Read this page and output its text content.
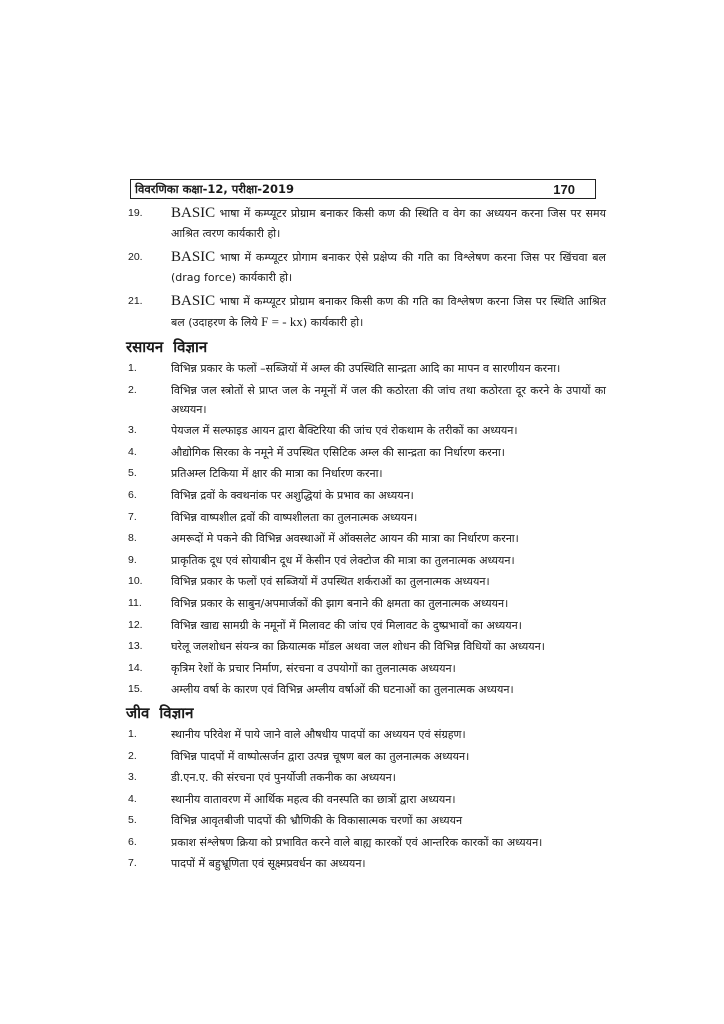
विवरणिका कक्षा-12, परीक्षा-2019	170
19.	BASIC भाषा में कम्प्यूटर प्रोग्राम बनाकर किसी कण की स्थिति व वेग का अध्ययन करना जिस पर समय आश्रित त्वरण कार्यकारी हो।
20.	BASIC भाषा में कम्प्यूटर प्रोगाम बनाकर ऐसे प्रक्षेप्य की गति का विश्लेषण करना जिस पर खिंचवा बल (drag force) कार्यकारी हो।
21.	BASIC भाषा में कम्प्यूटर प्रोग्राम बनाकर किसी कण की गति का विश्लेषण करना जिस पर स्थिति आश्रित बल (उदाहरण के लिये F = - kx) कार्यकारी हो।
रसायन विज्ञान
1.	विभिन्न प्रकार के फलों –सब्जियों में अम्ल की उपस्थिति सान्द्रता आदि का मापन व सारणीयन करना।
2.	विभिन्न जल स्त्रोतों से प्राप्त जल के नमूनों में जल की कठोरता की जांच तथा कठोरता दूर करने के उपायों का अध्ययन।
3.	पेयजल में सल्फाइड आयन द्वारा बैक्टिरिया की जांच एवं रोकथाम के तरीकों का अध्ययन।
4.	औद्योगिक सिरका के नमूने में उपस्थित एसिटिक अम्ल की सान्द्रता का निर्धारण करना।
5.	प्रतिअम्ल टिकिया में क्षार की मात्रा का निर्धारण करना।
6.	विभिन्न द्रवों के क्वथनांक पर अशुद्धियां के प्रभाव का अध्ययन।
7.	विभिन्न वाष्पशील द्रवों की वाष्पशीलता का तुलनात्मक अध्ययन।
8.	अमरूदों मे पकने की विभिन्न अवस्थाओं में ऑक्सलेट आयन की मात्रा का निर्धारण करना।
9.	प्राकृतिक दूध एवं सोयाबीन दूध में केसीन एवं लेक्टोज की मात्रा का तुलनात्मक अध्ययन।
10.	विभिन्न प्रकार के फलों एवं सब्जियों में उपस्थित शर्कराओं का तुलनात्मक अध्ययन।
11.	विभिन्न प्रकार के साबुन/अपमार्जकों की झाग बनाने की क्षमता का तुलनात्मक अध्ययन।
12.	विभिन्न खाद्य सामग्री के नमूनों में मिलावट की जांच एवं मिलावट के दुष्प्रभावों का अध्ययन।
13.	घरेलू जलशोधन संयन्त्र का क्रियात्मक मॉडल अथवा जल शोधन की विभिन्न विधियों का अध्ययन।
14.	कृत्रिम रेशों के प्रचार निर्माण, संरचना व उपयोगों का तुलनात्मक अध्ययन।
15.	अम्लीय वर्षा के कारण एवं विभिन्न अम्लीय वर्षाओं की घटनाओं का तुलनात्मक अध्ययन।
जीव विज्ञान
1.	स्थानीय परिवेश में पाये जाने वाले औषधीय पादपों का अध्ययन एवं संग्रहण।
2.	विभिन्न पादपों में वाष्पोत्सर्जन द्वारा उत्पन्न चूषण बल का तुलनात्मक अध्ययन।
3.	डी.एन.ए. की संरचना एवं पुनर्योजी तकनीक का अध्ययन।
4.	स्थानीय वातावरण में आर्थिक महत्व की वनस्पति का छात्रों द्वारा अध्ययन।
5.	विभिन्न आवृतबीजी पादपों की भ्रौणिकी के विकासात्मक चरणों का अध्ययन
6.	प्रकाश संश्लेषण क्रिया को प्रभावित करने वाले बाह्य कारकों एवं आन्तरिक कारकों का अध्ययन।
7.	पादपों में बहुभ्रूणिता एवं सूक्ष्मप्रवर्धन का अध्ययन।
